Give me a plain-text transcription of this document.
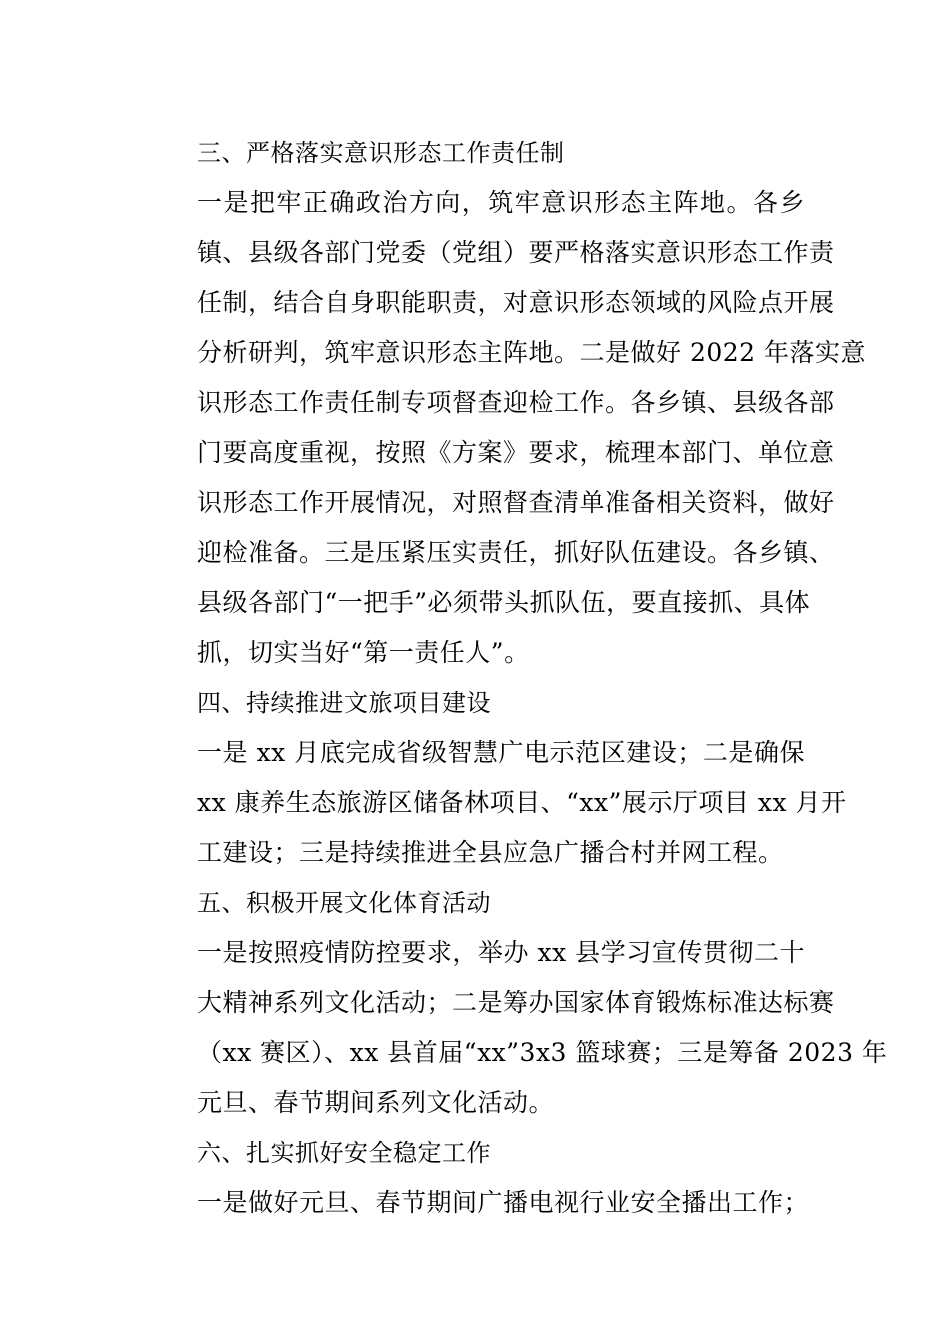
三、严格落实意识形态工作责任制
一是把牢正确政治方向，筑牢意识形态主阵地。各乡
镇、县级各部门党委（党组）要严格落实意识形态工作责
任制，结合自身职能职责，对意识形态领域的风险点开展
分析研判，筑牢意识形态主阵地。二是做好 2022 年落实意
识形态工作责任制专项督查迎检工作。各乡镇、县级各部
门要高度重视，按照《方案》要求，梳理本部门、单位意
识形态工作开展情况，对照督查清单准备相关资料，做好
迎检准备。三是压紧压实责任，抓好队伍建设。各乡镇、
县级各部门“一把手”必须带头抓队伍，要直接抓、具体
抓，切实当好“第一责任人”。
四、持续推进文旅项目建设
一是 xx 月底完成省级智慧广电示范区建设；二是确保
xx 康养生态旅游区储备林项目、“xx”展示厅项目 xx 月开
工建设；三是持续推进全县应急广播合村并网工程。
五、积极开展文化体育活动
一是按照疫情防控要求，举办 xx 县学习宣传贯彻二十
大精神系列文化活动；二是筹办国家体育锻炼标准达标赛
（xx 赛区）、xx 县首届“xx”3x3 篮球赛；三是筹备 2023 年
元旦、春节期间系列文化活动。
六、扎实抓好安全稳定工作
一是做好元旦、春节期间广播电视行业安全播出工作；
